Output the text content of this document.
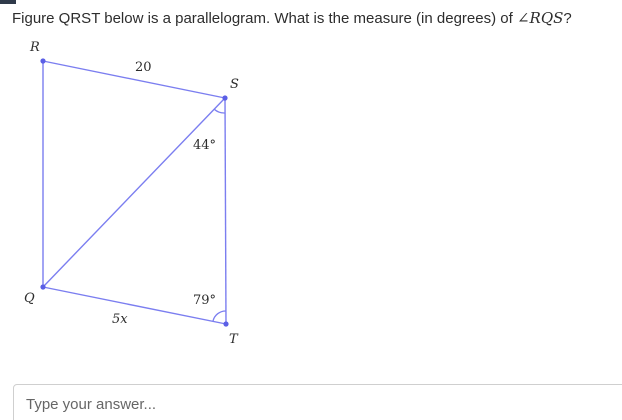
Figure QRST below is a parallelogram. What is the measure (in degrees) of ∠RQS?
R
S
Q
T
20
5x
44°
79°
Type your answer...
